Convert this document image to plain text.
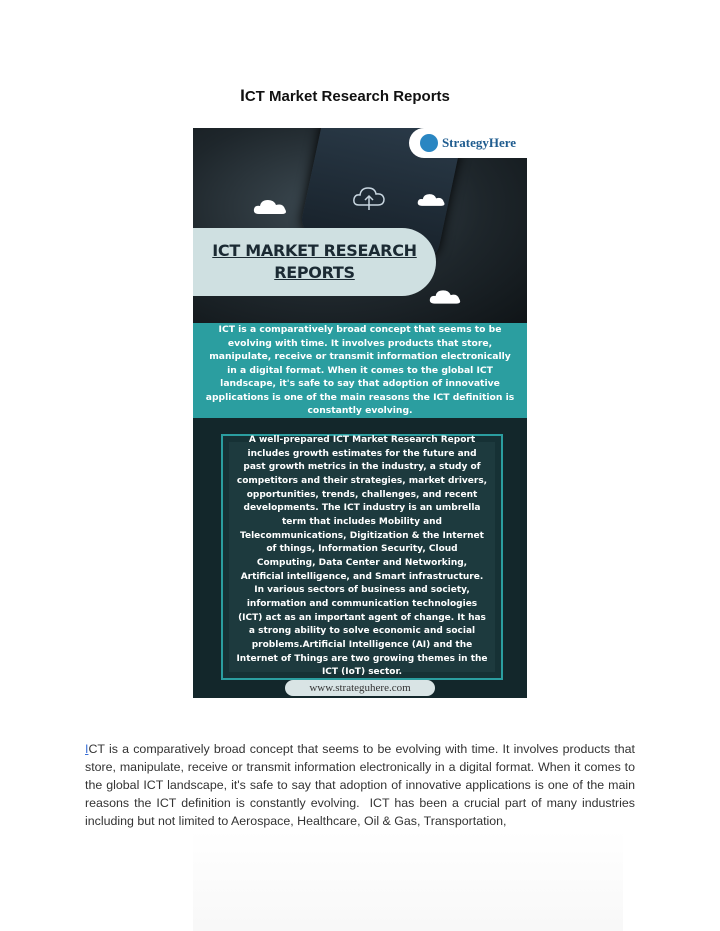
ICT Market Research Reports
StrategyHere
ICT MARKET RESEARCH
REPORTS
ICT is a comparatively broad concept that seems to be evolving with time. It involves products that store, manipulate, receive or transmit information electronically in a digital format. When it comes to the global ICT landscape, it's safe to say that adoption of innovative applications is one of the main reasons the ICT definition is constantly evolving.
A well-prepared ICT Market Research Report includes growth estimates for the future and past growth metrics in the industry, a study of competitors and their strategies, market drivers, opportunities, trends, challenges, and recent developments. The ICT industry is an umbrella term that includes Mobility and Telecommunications, Digitization & the Internet of things, Information Security, Cloud Computing, Data Center and Networking, Artificial intelligence, and Smart infrastructure. In various sectors of business and society, information and communication technologies (ICT) act as an important agent of change. It has a strong ability to solve economic and social problems.Artificial Intelligence (AI) and the Internet of Things are two growing themes in the ICT (IoT) sector.
www.strateguhere.com
ICT is a comparatively broad concept that seems to be evolving with time. It involves products that store, manipulate, receive or transmit information electronically in a digital format. When it comes to the global ICT landscape, it's safe to say that adoption of innovative applications is one of the main reasons the ICT definition is constantly evolving. ICT has been a crucial part of many industries including but not limited to Aerospace, Healthcare, Oil & Gas, Transportation,
